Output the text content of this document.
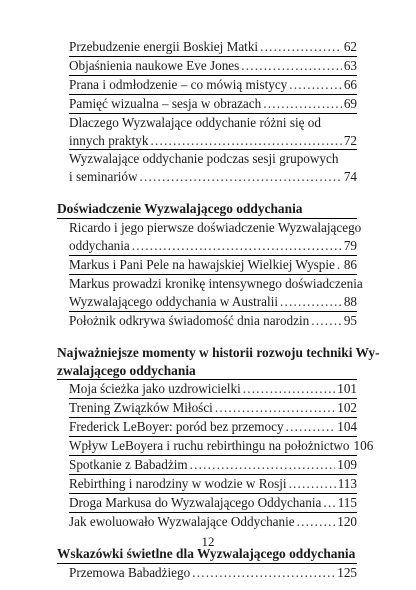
Przebudzenie energii Boskiej Matki .....	62
Objaśnienia naukowe Eve Jones .....	63
Prana i odmłodzenie – co mówią mistycy .....	66
Pamięć wizualna – sesja w obrazach .....	69
Dlaczego Wyzwalające oddychanie różni się od
innych praktyk .....	72
Wyzwalające oddychanie podczas sesji grupowych
i seminariów .....	74
Doświadczenie Wyzwalającego oddychania
Ricardo i jego pierwsze doświadczenie Wyzwalającego
oddychania .....	79
Markus i Pani Pele na hawajskiej Wielkiej Wyspie ..... 86
Markus prowadzi kronikę intensywnego doświadczenia
Wyzwalającego oddychania w Australii .....	88
Położnik odkrywa świadomość dnia narodzin .....	95
Najważniejsze momenty w historii rozwoju techniki Wy-
zwalającego oddychania
Moja ścieżka jako uzdrowicielki .....	101
Trening Związków Miłości .....	102
Frederick LeBoyer: poród bez przemocy .....	104
Wpływ LeBoyera i ruchu rebirthingu na położnictwo 106
Spotkanie z Babadżim .....	109
Rebirthing i narodziny w wodzie w Rosji .....	113
Droga Markusa do Wyzwalającego Oddychania ..... 115
Jak ewoluowało Wyzwalające Oddychanie .....	120
Wskazówki świetlne dla Wyzwalającego oddychania
Przemowa Babadżiego .....	125
12
